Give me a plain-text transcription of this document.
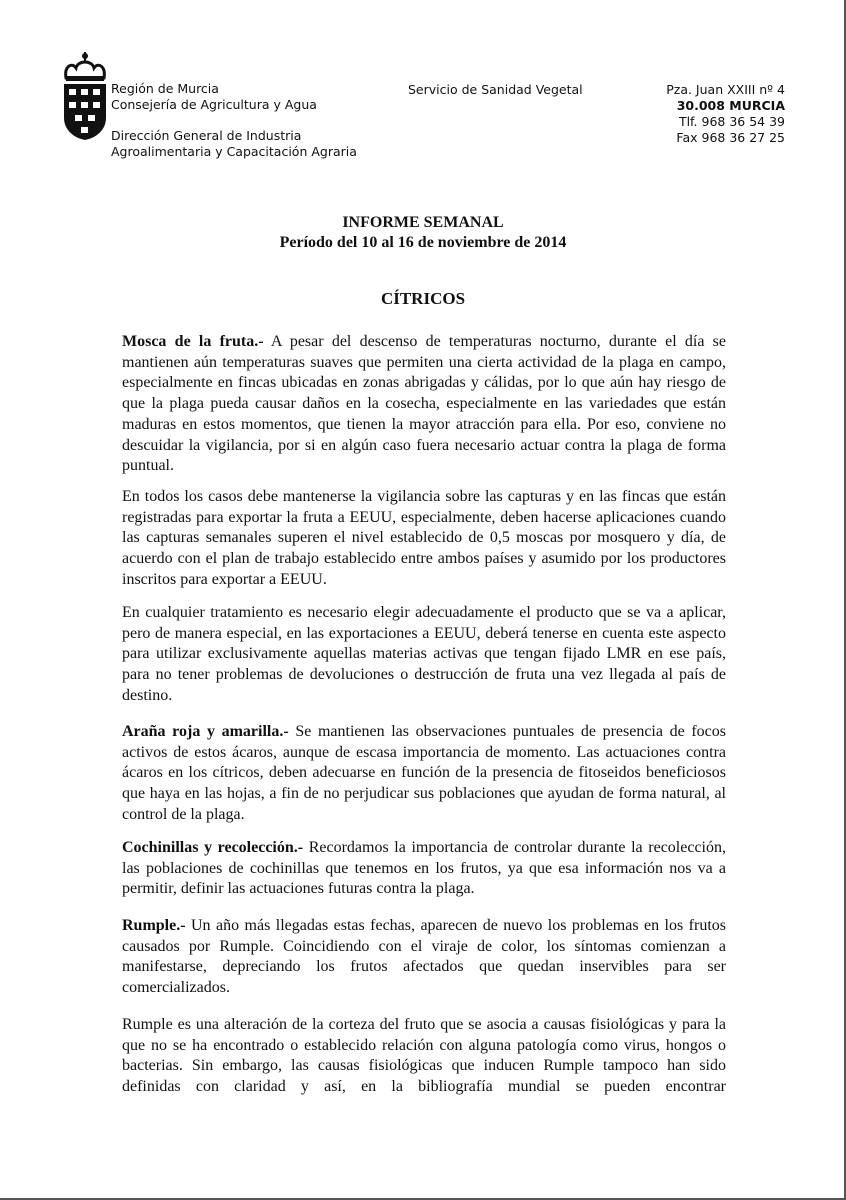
Región de Murcia
Consejería de Agricultura y Agua
Dirección General de Industria
Agroalimentaria y Capacitación Agraria
Servicio de Sanidad Vegetal	Pza. Juan XXIII nº 4
30.008 MURCIA
Tlf. 968 36 54 39
Fax 968 36 27 25
INFORME SEMANAL
Período del 10 al 16 de noviembre de 2014
CÍTRICOS

Mosca de la fruta.- A pesar del descenso de temperaturas nocturno, durante el día se mantienen aún temperaturas suaves que permiten una cierta actividad de la plaga en campo, especialmente en fincas ubicadas en zonas abrigadas y cálidas, por lo que aún hay riesgo de que la plaga pueda causar daños en la cosecha, especialmente en las variedades que están maduras en estos momentos, que tienen la mayor atracción para ella. Por eso, conviene no descuidar la vigilancia, por si en algún caso fuera necesario actuar contra la plaga de forma puntual.

En todos los casos debe mantenerse la vigilancia sobre las capturas y en las fincas que están registradas para exportar la fruta a EEUU, especialmente, deben hacerse aplicaciones cuando las capturas semanales superen el nivel establecido de 0,5 moscas por mosquero y día, de acuerdo con el plan de trabajo establecido entre ambos países y asumido por los productores inscritos para exportar a EEUU.

En cualquier tratamiento es necesario elegir adecuadamente el producto que se va a aplicar, pero de manera especial, en las exportaciones a EEUU, deberá tenerse en cuenta este aspecto para utilizar exclusivamente aquellas materias activas que tengan fijado LMR en ese país, para no tener problemas de devoluciones o destrucción de fruta una vez llegada al país de destino.

Araña roja y amarilla.- Se mantienen las observaciones puntuales de presencia de focos activos de estos ácaros, aunque de escasa importancia de momento. Las actuaciones contra ácaros en los cítricos, deben adecuarse en función de la presencia de fitoseidos beneficiosos que haya en las hojas, a fin de no perjudicar sus poblaciones que ayudan de forma natural, al control de la plaga.

Cochinillas y recolección.- Recordamos la importancia de controlar durante la recolección, las poblaciones de cochinillas que tenemos en los frutos, ya que esa información nos va a permitir, definir las actuaciones futuras contra la plaga.

Rumple.- Un año más llegadas estas fechas, aparecen de nuevo los problemas en los frutos causados por Rumple. Coincidiendo con el viraje de color, los síntomas comienzan a manifestarse, depreciando los frutos afectados que quedan inservibles para ser comercializados.

Rumple es una alteración de la corteza del fruto que se asocia a causas fisiológicas y para la que no se ha encontrado o establecido relación con alguna patología como virus, hongos o bacterias. Sin embargo, las causas fisiológicas que inducen Rumple tampoco han sido definidas con claridad y así, en la bibliografía mundial se pueden encontrar
